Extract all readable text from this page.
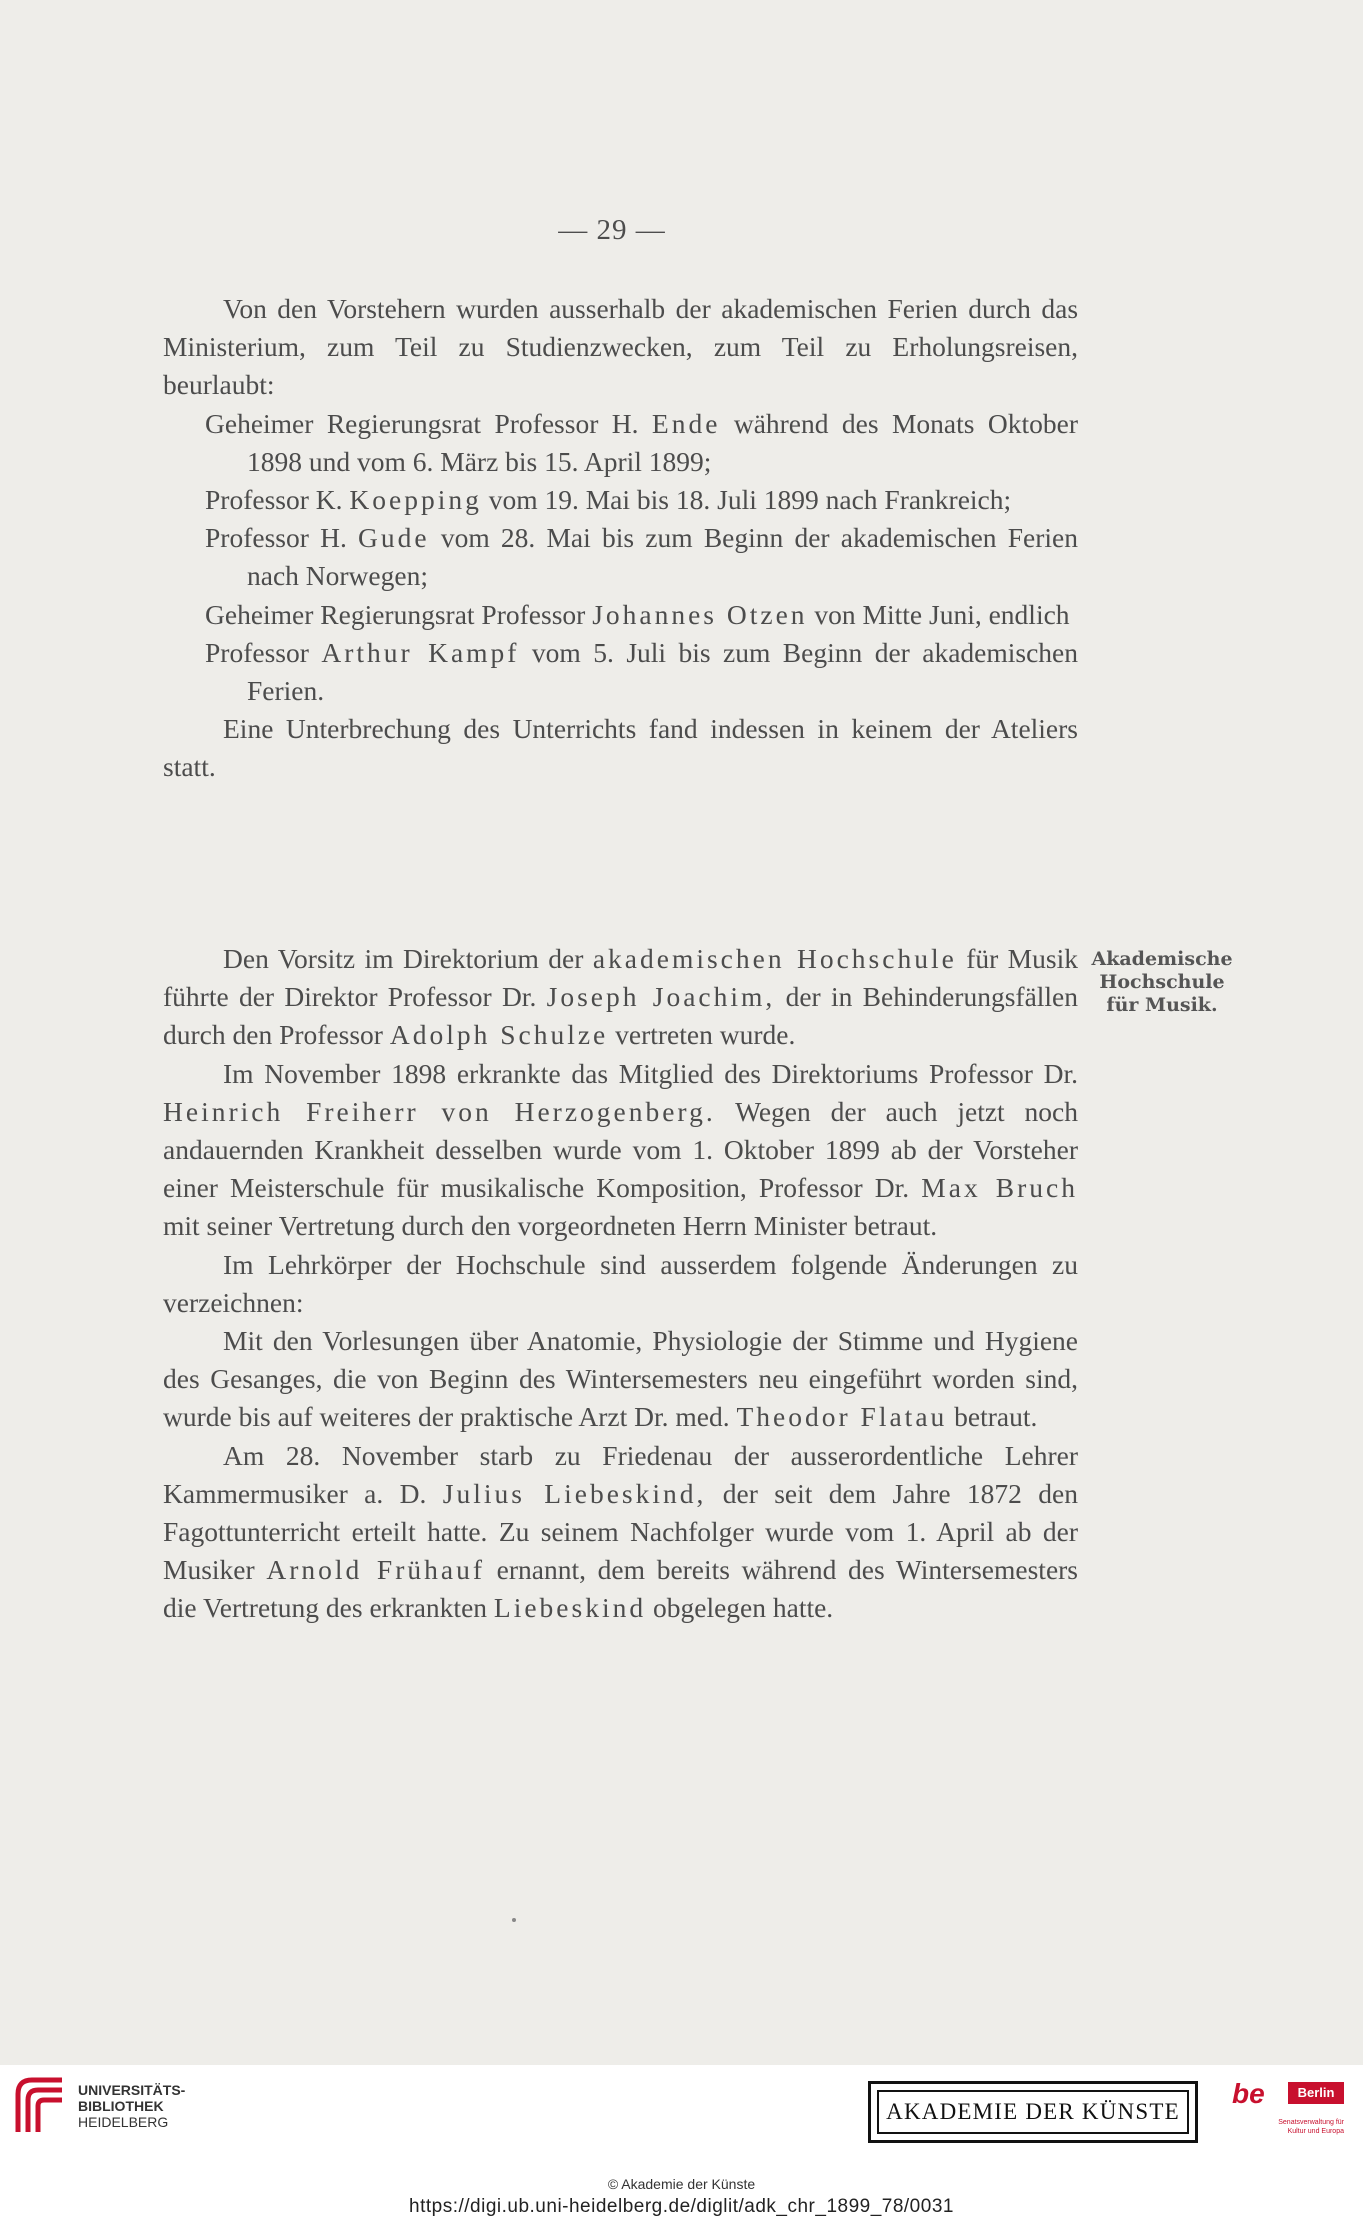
— 29 —

Von den Vorstehern wurden ausserhalb der akademischen Ferien durch das Ministerium, zum Teil zu Studienzwecken, zum Teil zu Erholungsreisen, beurlaubt:

Geheimer Regierungsrat Professor H. Ende während des Monats Oktober 1898 und vom 6. März bis 15. April 1899;

Professor K. Koepping vom 19. Mai bis 18. Juli 1899 nach Frankreich;

Professor H. Gude vom 28. Mai bis zum Beginn der akademischen Ferien nach Norwegen;

Geheimer Regierungsrat Professor Johannes Otzen von Mitte Juni, endlich

Professor Arthur Kampf vom 5. Juli bis zum Beginn der akademischen Ferien.

Eine Unterbrechung des Unterrichts fand indessen in keinem der Ateliers statt.

Den Vorsitz im Direktorium der akademischen Hochschule für Musik führte der Direktor Professor Dr. Joseph Joachim, der in Behinderungsfällen durch den Professor Adolph Schulze vertreten wurde.

Im November 1898 erkrankte das Mitglied des Direktoriums Professor Dr. Heinrich Freiherr von Herzogenberg. Wegen der auch jetzt noch andauernden Krankheit desselben wurde vom 1. Oktober 1899 ab der Vorsteher einer Meisterschule für musikalische Komposition, Professor Dr. Max Bruch mit seiner Vertretung durch den vorgeordneten Herrn Minister betraut.

Im Lehrkörper der Hochschule sind ausserdem folgende Änderungen zu verzeichnen:

Mit den Vorlesungen über Anatomie, Physiologie der Stimme und Hygiene des Gesanges, die von Beginn des Wintersemesters neu eingeführt worden sind, wurde bis auf weiteres der praktische Arzt Dr. med. Theodor Flatau betraut.

Am 28. November starb zu Friedenau der ausserordentliche Lehrer Kammermusiker a. D. Julius Liebeskind, der seit dem Jahre 1872 den Fagottunterricht erteilt hatte. Zu seinem Nachfolger wurde vom 1. April ab der Musiker Arnold Frühauf ernannt, dem bereits während des Wintersemesters die Vertretung des erkrankten Liebeskind obgelegen hatte.

Akademische
Hochschule
für Musik.
UNIVERSITÄTS-
BIBLIOTHEK
HEIDELBERG	AKADEMIE DER KÜNSTE
be	Berlin
Senatsverwaltung für Kultur und Europa
© Akademie der Künste
https://digi.ub.uni-heidelberg.de/diglit/adk_chr_1899_78/0031
